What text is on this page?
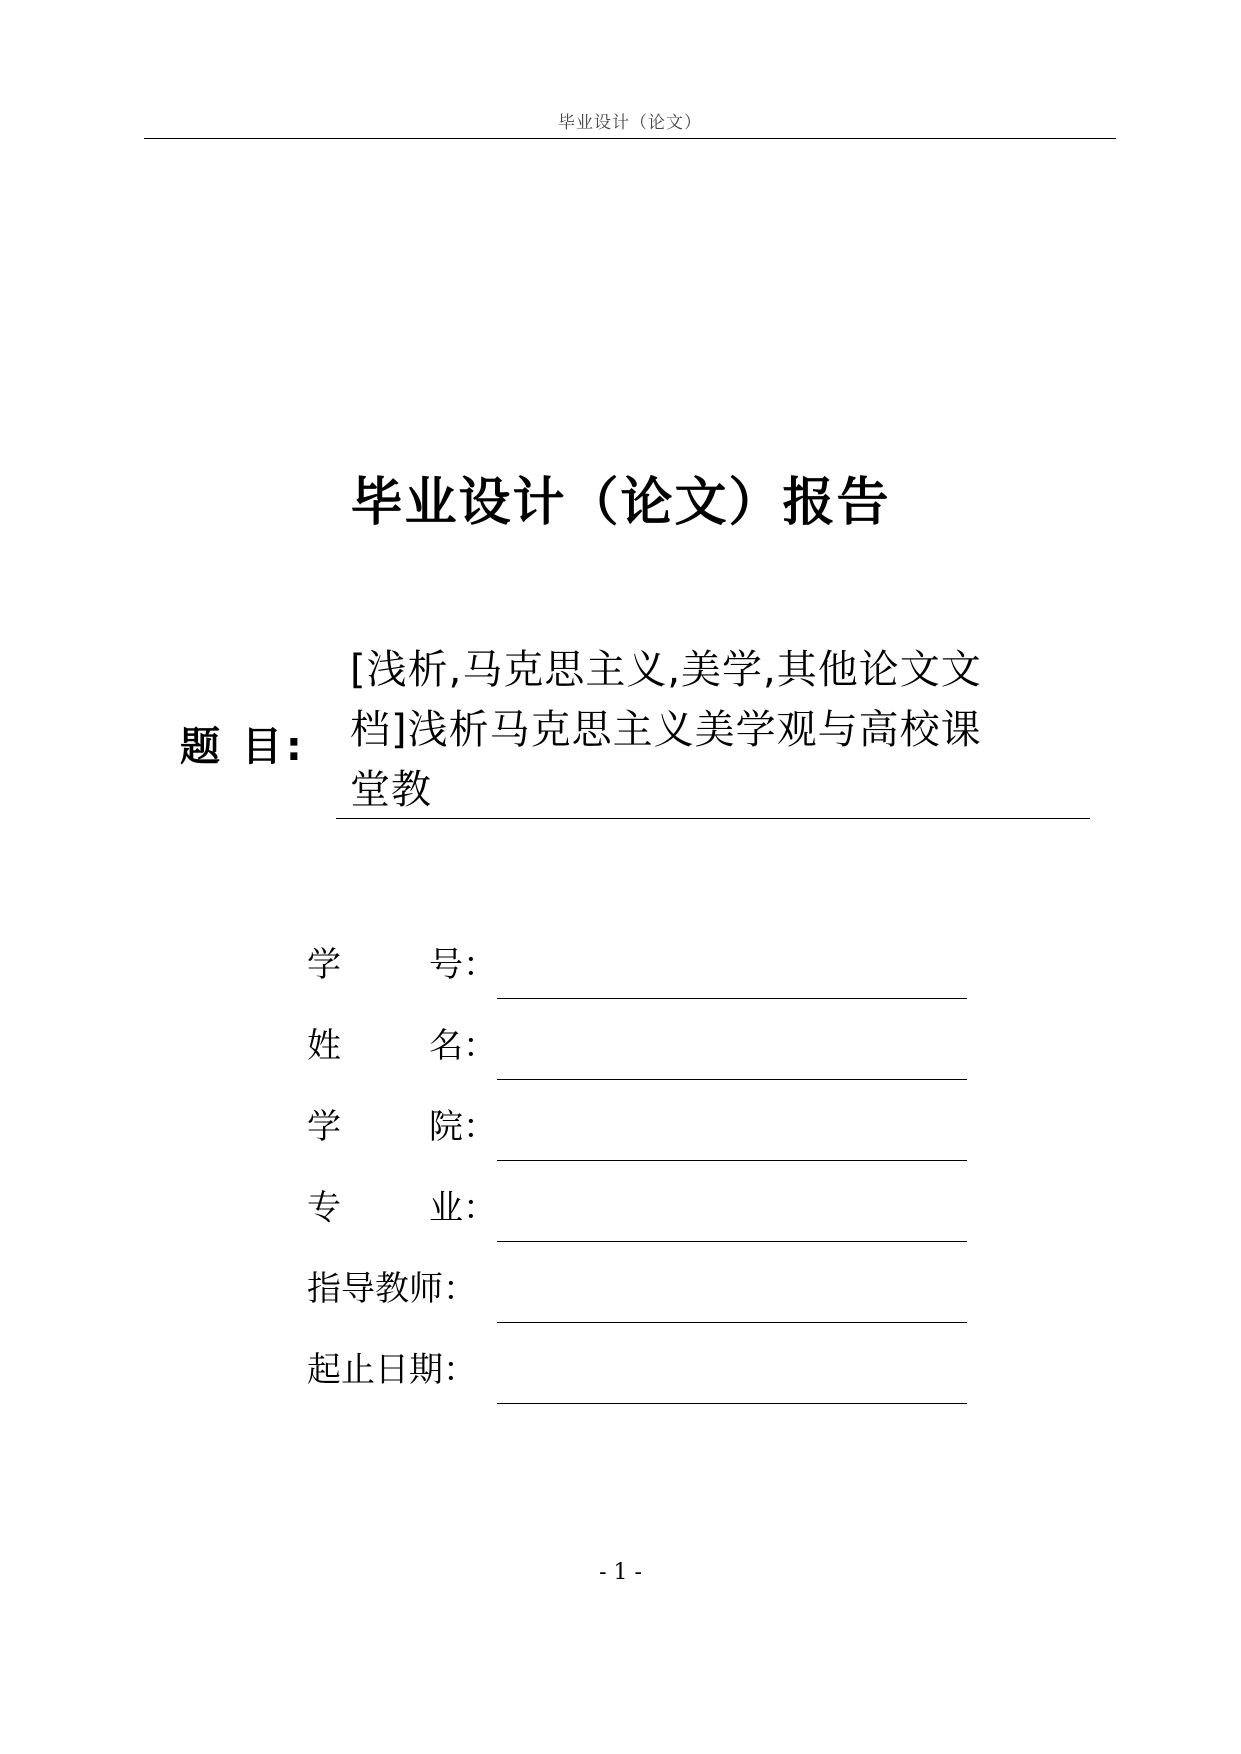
毕业设计（论文）
毕业设计（论文）报告
题 目:
[浅析,马克思主义,美学,其他论文文
档]浅析马克思主义美学观与高校课
堂教
学	号：
姓	名：
学	院：
专	业：
指导教师：
起止日期：
- 1 -
